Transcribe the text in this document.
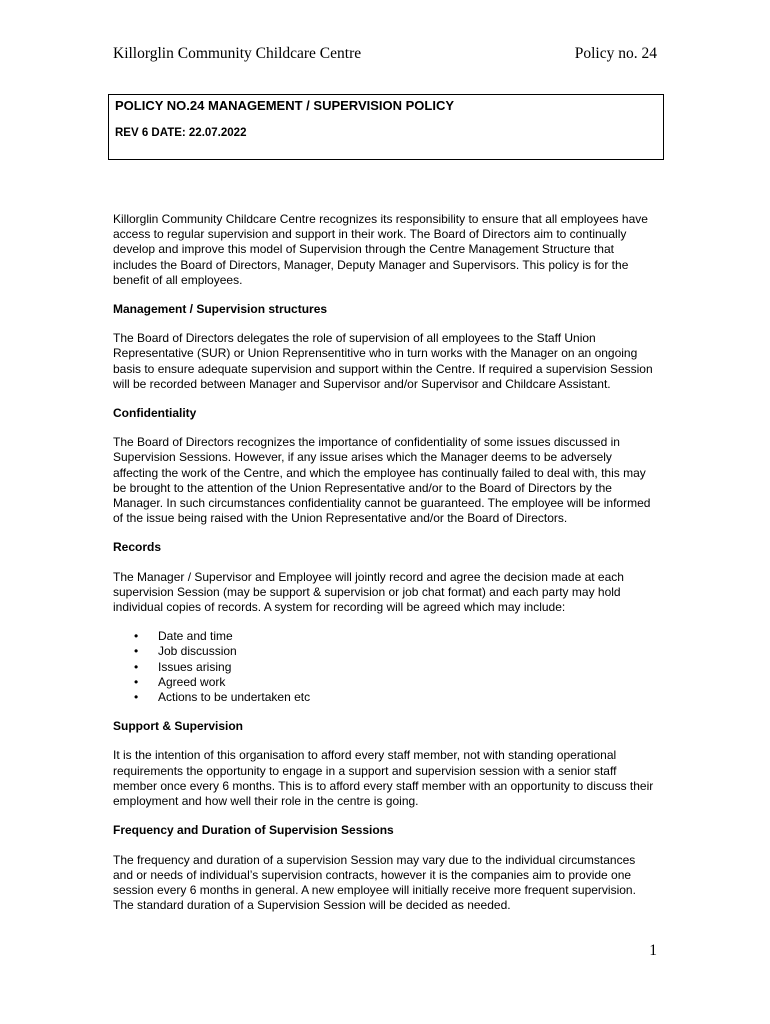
Killorglin Community Childcare Centre	Policy no. 24
POLICY NO.24 MANAGEMENT / SUPERVISION POLICY
REV 6 DATE: 22.07.2022

Killorglin Community Childcare Centre recognizes its responsibility to ensure that all employees have access to regular supervision and support in their work. The Board of Directors aim to continually develop and improve this model of Supervision through the Centre Management Structure that includes the Board of Directors, Manager, Deputy Manager and Supervisors. This policy is for the benefit of all employees.

Management / Supervision structures

The Board of Directors delegates the role of supervision of all employees to the Staff Union Representative (SUR) or Union Reprensentitive who in turn works with the Manager on an ongoing basis to ensure adequate supervision and support within the Centre. If required a supervision Session will be recorded between Manager and Supervisor and/or Supervisor and Childcare Assistant.

Confidentiality

The Board of Directors recognizes the importance of confidentiality of some issues discussed in Supervision Sessions. However, if any issue arises which the Manager deems to be adversely affecting the work of the Centre, and which the employee has continually failed to deal with, this may be brought to the attention of the Union Representative and/or to the Board of Directors by the Manager. In such circumstances confidentiality cannot be guaranteed. The employee will be informed of the issue being raised with the Union Representative and/or the Board of Directors.

Records

The Manager / Supervisor and Employee will jointly record and agree the decision made at each supervision Session (may be support & supervision or job chat format) and each party may hold individual copies of records. A system for recording will be agreed which may include:

• Date and time
• Job discussion
• Issues arising
• Agreed work
• Actions to be undertaken etc
Support & Supervision

It is the intention of this organisation to afford every staff member, not with standing operational requirements the opportunity to engage in a support and supervision session with a senior staff member once every 6 months. This is to afford every staff member with an opportunity to discuss their employment and how well their role in the centre is going.

Frequency and Duration of Supervision Sessions

The frequency and duration of a supervision Session may vary due to the individual circumstances and or needs of individual’s supervision contracts, however it is the companies aim to provide one session every 6 months in general. A new employee will initially receive more frequent supervision. The standard duration of a Supervision Session will be decided as needed.

1
